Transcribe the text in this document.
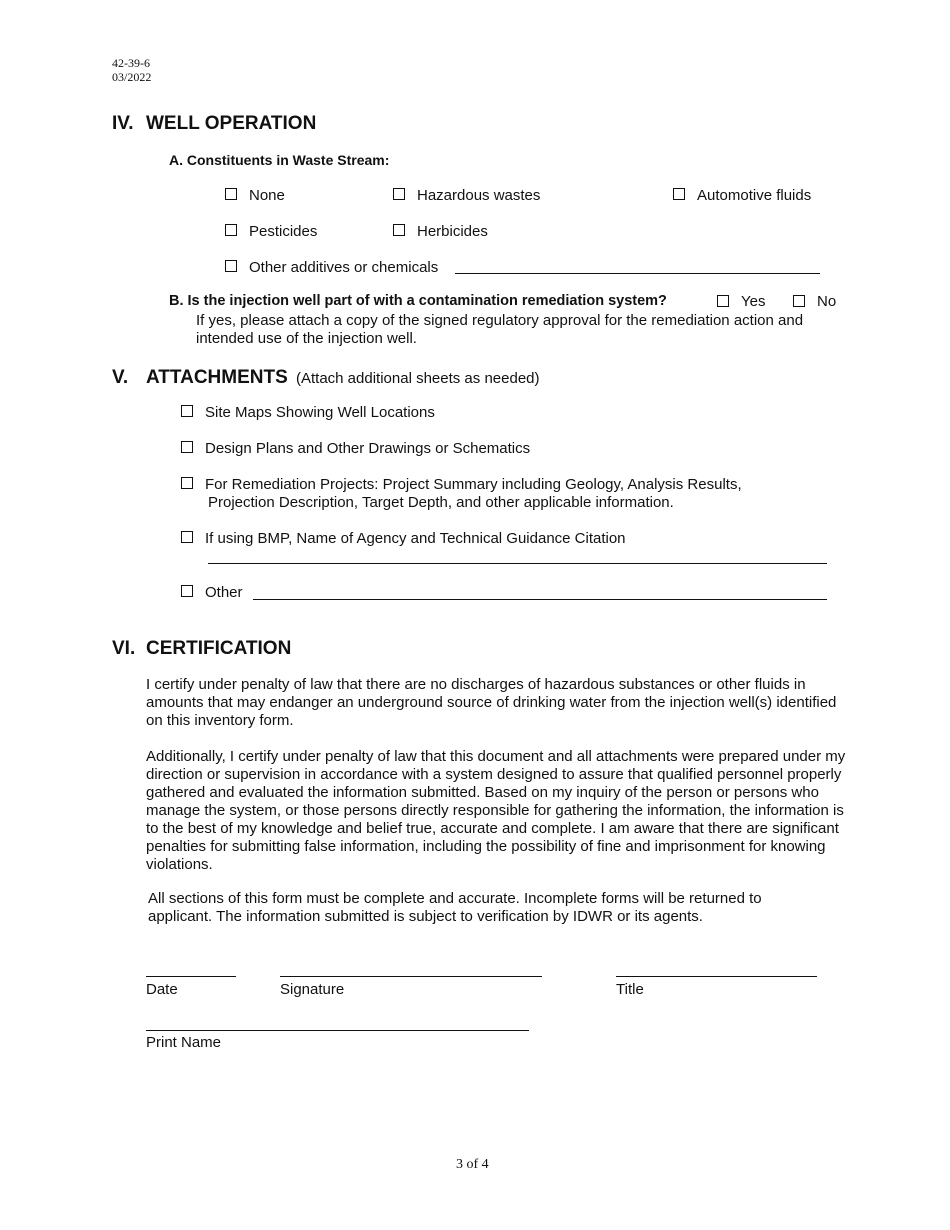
42-39-6
03/2022
IV. WELL OPERATION
A. Constituents in Waste Stream:
None	Hazardous wastes	Automotive fluids
Pesticides	Herbicides
Other additives or chemicals
B. Is the injection well part of with a contamination remediation system?	Yes	No
If yes, please attach a copy of the signed regulatory approval for the remediation action and
intended use of the injection well.
V. ATTACHMENTS (Attach additional sheets as needed)
Site Maps Showing Well Locations
Design Plans and Other Drawings or Schematics
For Remediation Projects: Project Summary including Geology, Analysis Results,
Projection Description, Target Depth, and other applicable information.
If using BMP, Name of Agency and Technical Guidance Citation
Other
VI. CERTIFICATION
I certify under penalty of law that there are no discharges of hazardous substances or other fluids in amounts that may endanger an underground source of drinking water from the injection well(s) identified on this inventory form.
Additionally, I certify under penalty of law that this document and all attachments were prepared under my direction or supervision in accordance with a system designed to assure that qualified personnel properly gathered and evaluated the information submitted. Based on my inquiry of the person or persons who manage the system, or those persons directly responsible for gathering the information, the information is to the best of my knowledge and belief true, accurate and complete. I am aware that there are significant penalties for submitting false information, including the possibility of fine and imprisonment for knowing violations.
All sections of this form must be complete and accurate. Incomplete forms will be returned to applicant. The information submitted is subject to verification by IDWR or its agents.
Date	Signature	Title
Print Name
3 of 4
